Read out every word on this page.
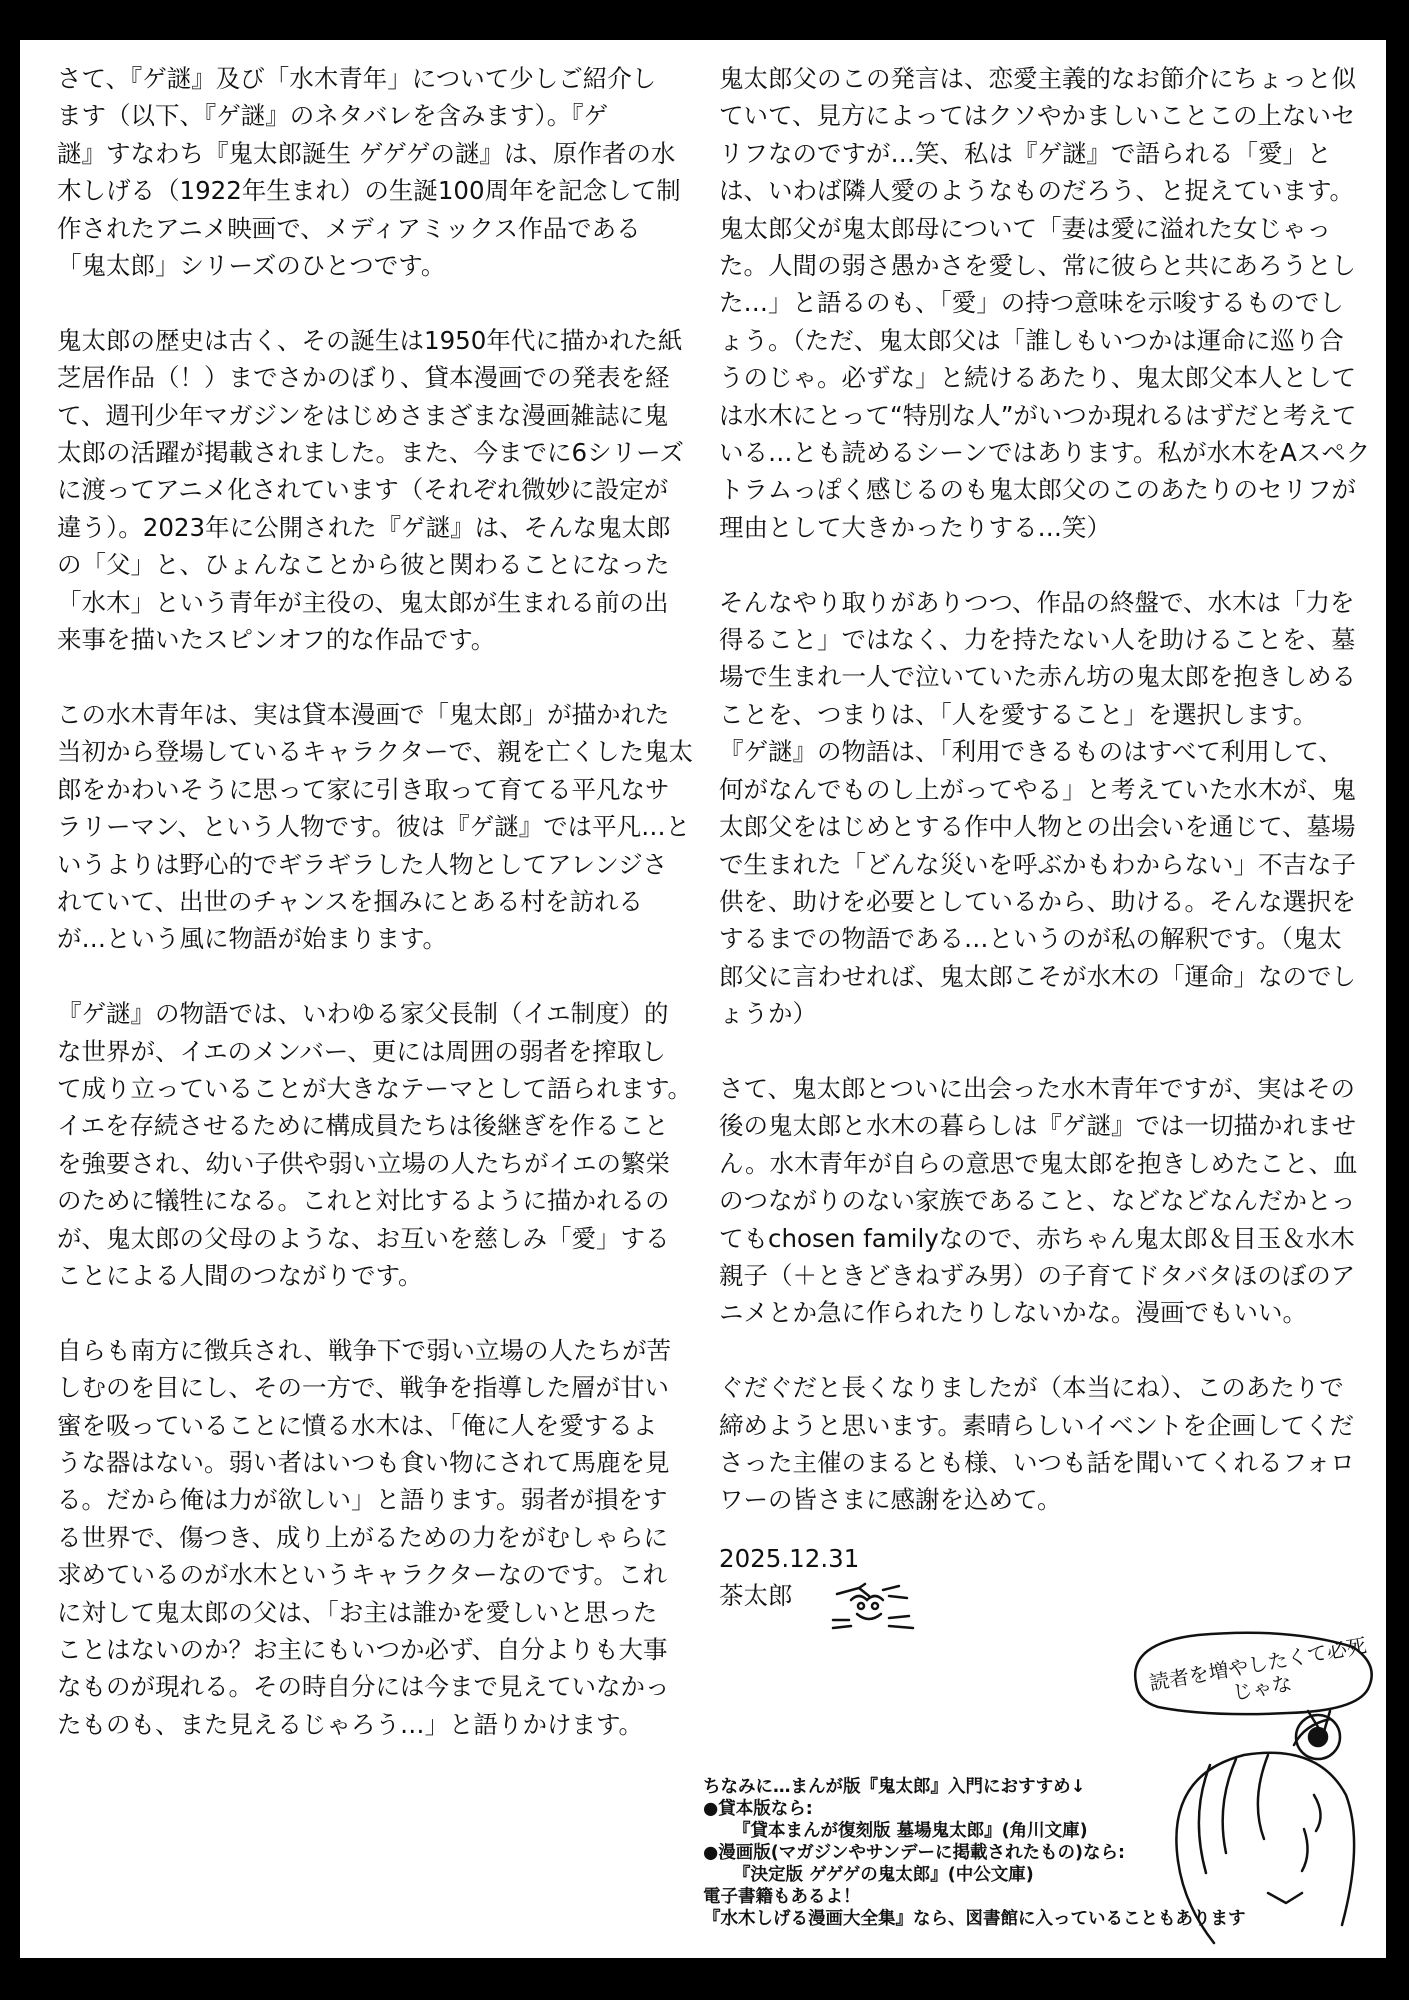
さて、『ゲ謎』及び「水木青年」について少しご紹介し
ます（以下、『ゲ謎』のネタバレを含みます）。『ゲ
謎』すなわち『鬼太郎誕生 ゲゲゲの謎』は、原作者の水
木しげる（1922年生まれ）の生誕100周年を記念して制
作されたアニメ映画で、メディアミックス作品である
「鬼太郎」シリーズのひとつです。

鬼太郎の歴史は古く、その誕生は1950年代に描かれた紙
芝居作品（！）までさかのぼり、貸本漫画での発表を経
て、週刊少年マガジンをはじめさまざまな漫画雑誌に鬼
太郎の活躍が掲載されました。また、今までに6シリーズ
に渡ってアニメ化されています（それぞれ微妙に設定が
違う）。2023年に公開された『ゲ謎』は、そんな鬼太郎
の「父」と、ひょんなことから彼と関わることになった
「水木」という青年が主役の、鬼太郎が生まれる前の出
来事を描いたスピンオフ的な作品です。

この水木青年は、実は貸本漫画で「鬼太郎」が描かれた
当初から登場しているキャラクターで、親を亡くした鬼太
郎をかわいそうに思って家に引き取って育てる平凡なサ
ラリーマン、という人物です。彼は『ゲ謎』では平凡…と
いうよりは野心的でギラギラした人物としてアレンジさ
れていて、出世のチャンスを掴みにとある村を訪れる
が…という風に物語が始まります。

『ゲ謎』の物語では、いわゆる家父長制（イエ制度）的
な世界が、イエのメンバー、更には周囲の弱者を搾取し
て成り立っていることが大きなテーマとして語られます。
イエを存続させるために構成員たちは後継ぎを作ること
を強要され、幼い子供や弱い立場の人たちがイエの繁栄
のために犠牲になる。これと対比するように描かれるの
が、鬼太郎の父母のような、お互いを慈しみ「愛」する
ことによる人間のつながりです。

自らも南方に徴兵され、戦争下で弱い立場の人たちが苦
しむのを目にし、その一方で、戦争を指導した層が甘い
蜜を吸っていることに憤る水木は、「俺に人を愛するよ
うな器はない。弱い者はいつも食い物にされて馬鹿を見
る。だから俺は力が欲しい」と語ります。弱者が損をす
る世界で、傷つき、成り上がるための力をがむしゃらに
求めているのが水木というキャラクターなのです。これ
に対して鬼太郎の父は、「お主は誰かを愛しいと思った
ことはないのか？お主にもいつか必ず、自分よりも大事
なものが現れる。その時自分には今まで見えていなかっ
たものも、また見えるじゃろう…」と語りかけます。

鬼太郎父のこの発言は、恋愛主義的なお節介にちょっと似
ていて、見方によってはクソやかましいことこの上ないセ
リフなのですが…笑、私は『ゲ謎』で語られる「愛」と
は、いわば隣人愛のようなものだろう、と捉えています。
鬼太郎父が鬼太郎母について「妻は愛に溢れた女じゃっ
た。人間の弱さ愚かさを愛し、常に彼らと共にあろうとし
た…」と語るのも、「愛」の持つ意味を示唆するものでし
ょう。（ただ、鬼太郎父は「誰しもいつかは運命に巡り合
うのじゃ。必ずな」と続けるあたり、鬼太郎父本人として
は水木にとって“特別な人”がいつか現れるはずだと考えて
いる…とも読めるシーンではあります。私が水木をAスペク
トラムっぽく感じるのも鬼太郎父のこのあたりのセリフが
理由として大きかったりする…笑）

そんなやり取りがありつつ、作品の終盤で、水木は「力を
得ること」ではなく、力を持たない人を助けることを、墓
場で生まれ一人で泣いていた赤ん坊の鬼太郎を抱きしめる
ことを、つまりは、「人を愛すること」を選択します。
『ゲ謎』の物語は、「利用できるものはすべて利用して、
何がなんでものし上がってやる」と考えていた水木が、鬼
太郎父をはじめとする作中人物との出会いを通じて、墓場
で生まれた「どんな災いを呼ぶかもわからない」不吉な子
供を、助けを必要としているから、助ける。そんな選択を
するまでの物語である…というのが私の解釈です。（鬼太
郎父に言わせれば、鬼太郎こそが水木の「運命」なのでし
ょうか）

さて、鬼太郎とついに出会った水木青年ですが、実はその
後の鬼太郎と水木の暮らしは『ゲ謎』では一切描かれませ
ん。水木青年が自らの意思で鬼太郎を抱きしめたこと、血
のつながりのない家族であること、などなどなんだかとっ
てもchosen familyなので、赤ちゃん鬼太郎＆目玉＆水木
親子（＋ときどきねずみ男）の子育てドタバタほのぼのア
ニメとか急に作られたりしないかな。漫画でもいい。

ぐだぐだと長くなりましたが（本当にね）、このあたりで
締めようと思います。素晴らしいイベントを企画してくだ
さった主催のまるとも様、いつも話を聞いてくれるフォロ
ワーの皆さまに感謝を込めて。

2025.12.31
茶太郎
読者を増やしたくて必死じゃな
ちなみに…まんが版『鬼太郎』入門におすすめ↓
●貸本版なら:
『貸本まんが復刻版 墓場鬼太郎』(角川文庫)
●漫画版(マガジンやサンデーに掲載されたもの)なら:
『決定版 ゲゲゲの鬼太郎』(中公文庫)
電子書籍もあるよ！
『水木しげる漫画大全集』なら、図書館に入っていることもあります
